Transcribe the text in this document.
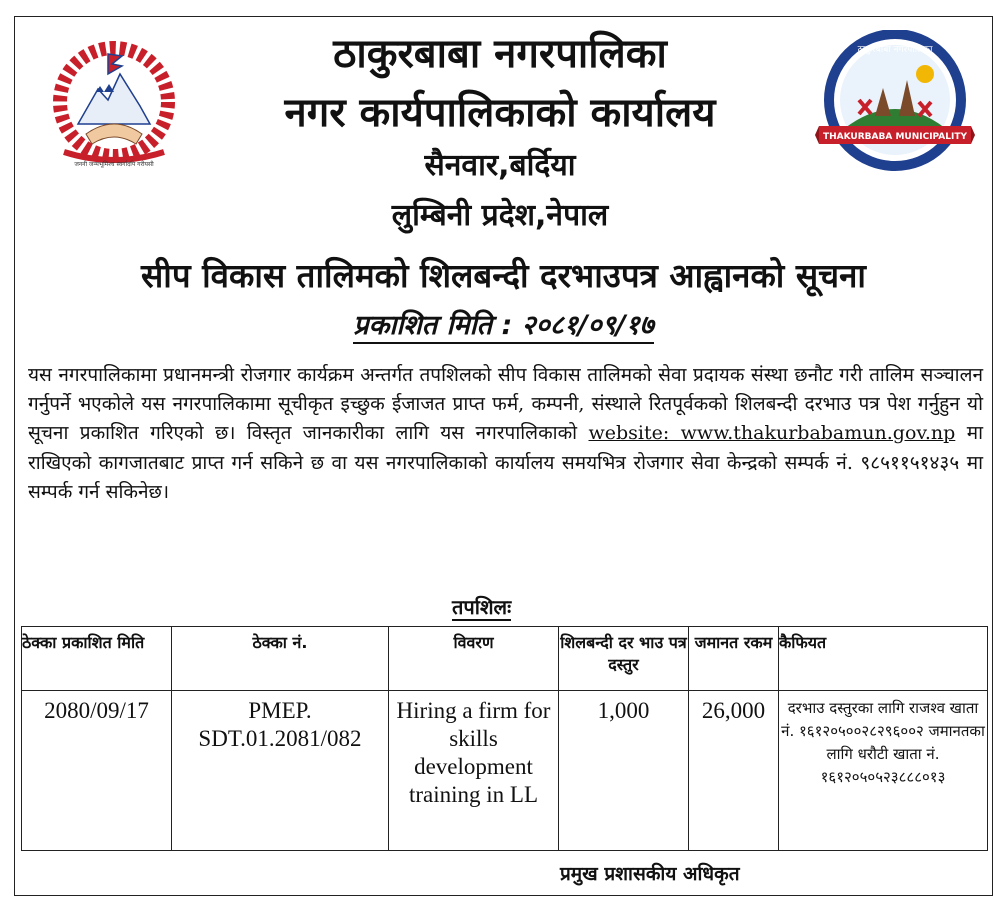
जननी जन्मभूमिश्च स्वर्गादपि गरीयसी
ठाकुरबाबा नगरपालिका
THAKURBABA MUNICIPALITY
ठाकुरबाबा नगरपालिका
नगर कार्यपालिकाको कार्यालय
सैनवार,बर्दिया
लुम्बिनी प्रदेश,नेपाल
सीप विकास तालिमको शिलबन्दी दरभाउपत्र आह्वानको सूचना
प्रकाशित मिति : २०८१/०९/१७
यस नगरपालिकामा प्रधानमन्त्री रोजगार कार्यक्रम अन्तर्गत तपशिलको सीप विकास तालिमको सेवा प्रदायक संस्था छनौट गरी तालिम सञ्चालन गर्नुपर्ने भएकोले यस नगरपालिकामा सूचीकृत इच्छुक ईजाजत प्राप्त फर्म, कम्पनी, संस्थाले रितपूर्वकको शिलबन्दी दरभाउ पत्र पेश गर्नुहुन यो सूचना प्रकाशित गरिएको छ। विस्तृत जानकारीका लागि यस नगरपालिकाको website: www.thakurbabamun.gov.np मा राखिएको कागजातबाट प्राप्त गर्न सकिने छ वा यस नगरपालिकाको कार्यालय समयभित्र रोजगार सेवा केन्द्रको सम्पर्क नं. ९८५११५१४३५ मा सम्पर्क गर्न सकिनेछ।
तपशिलः
ठेक्का प्रकाशित मिति	ठेक्का नं.	विवरण	शिलबन्दी दर भाउ पत्र दस्तुर	जमानत रकम	कैफियत
2080/09/17	PMEP. SDT.01.2081/082	Hiring a firm for skills development training in LL	1,000	26,000	दरभाउ दस्तुरका लागि राजश्व खाता नं. १६१२०५००२८२९६००२ जमानतका लागि धरौटी खाता नं. १६१२०५०५२३८८८०१३
प्रमुख प्रशासकीय अधिकृत
